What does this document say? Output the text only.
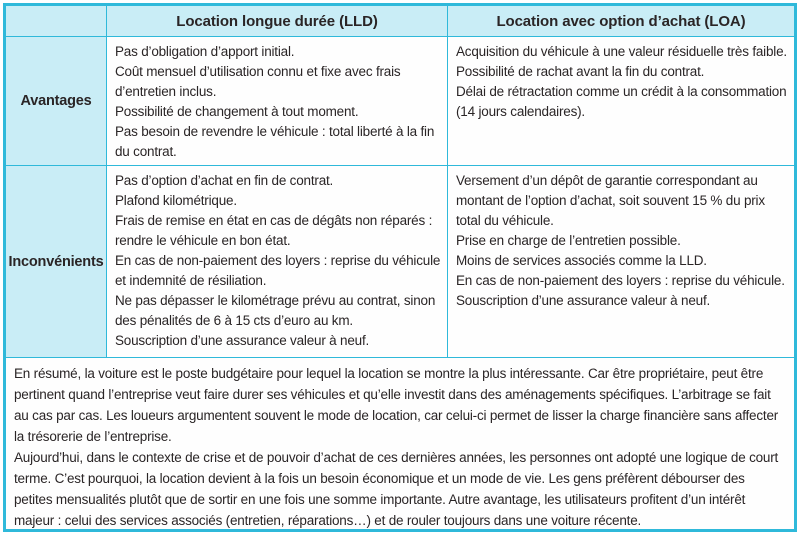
Location longue durée (LLD)	Location avec option d’achat (LOA)
Avantages
Pas d’obligation d’apport initial.
Coût mensuel d’utilisation connu et fixe avec frais d’entretien inclus.
Possibilité de changement à tout moment.
Pas besoin de revendre le véhicule : total liberté à la fin du contrat.
Acquisition du véhicule à une valeur résiduelle très faible.
Possibilité de rachat avant la fin du contrat.
Délai de rétractation comme un crédit à la consommation (14 jours calendaires).
Inconvénients
Pas d’option d’achat en fin de contrat.
Plafond kilométrique.
Frais de remise en état en cas de dégâts non réparés : rendre le véhicule en bon état.
En cas de non-paiement des loyers : reprise du véhicule et indemnité de résiliation.
Ne pas dépasser le kilométrage prévu au contrat, sinon des pénalités de 6 à 15 cts d’euro au km.
Souscription d’une assurance valeur à neuf.
Versement d’un dépôt de garantie correspondant au montant de l’option d’achat, soit souvent 15 % du prix total du véhicule.
Prise en charge de l’entretien possible.
Moins de services associés comme la LLD.
En cas de non-paiement des loyers : reprise du véhicule.
Souscription d’une assurance valeur à neuf.

En résumé, la voiture est le poste budgétaire pour lequel la location se montre la plus intéressante. Car être propriétaire, peut être pertinent quand l’entreprise veut faire durer ses véhicules et qu’elle investit dans des aménagements spécifiques. L’arbitrage se fait au cas par cas. Les loueurs argumentent souvent le mode de location, car celui-ci permet de lisser la charge financière sans affecter la trésorerie de l’entreprise.

Aujourd’hui, dans le contexte de crise et de pouvoir d’achat de ces dernières années, les personnes ont adopté une logique de court terme. C’est pourquoi, la location devient à la fois un besoin économique et un mode de vie. Les gens préfèrent débourser des petites mensualités plutôt que de sortir en une fois une somme importante. Autre avantage, les utilisateurs profitent d’un intérêt majeur : celui des services associés (entretien, réparations…) et de rouler toujours dans une voiture récente.
